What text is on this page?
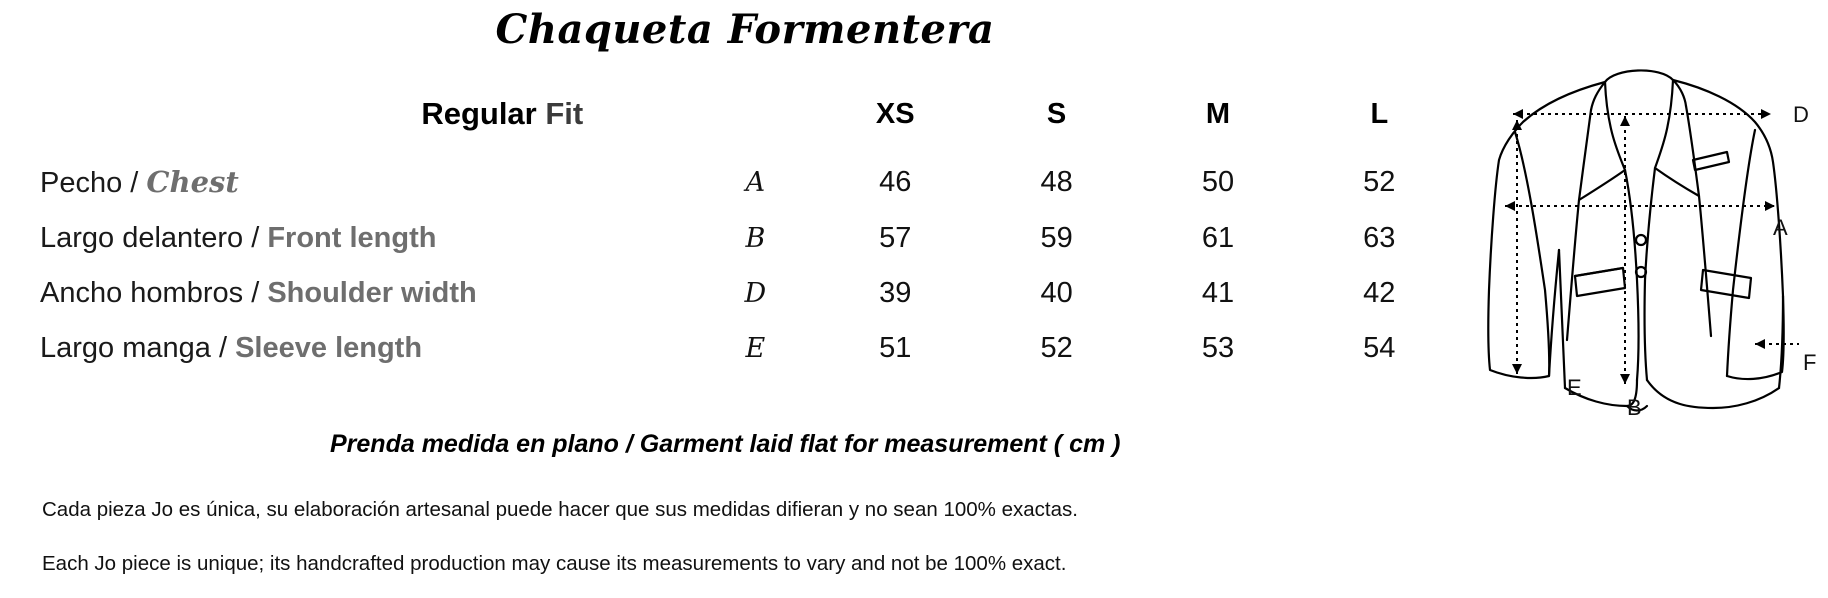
Chaqueta Formentera
Regular Fit		XS	S	M	L
Pecho / Chest	A	46	48	50	52
Largo delantero / Front length	B	57	59	61	63
Ancho hombros / Shoulder width	D	39	40	41	42
Largo manga / Sleeve length	E	51	52	53	54
Prenda medida en plano / Garment laid flat for measurement ( cm )
Cada pieza Jo es única, su elaboración artesanal puede hacer que sus medidas difieran y no sean 100% exactas.
Each Jo piece is unique; its handcrafted production may cause its measurements to vary and not be 100% exact.
D
A
F
E
B
